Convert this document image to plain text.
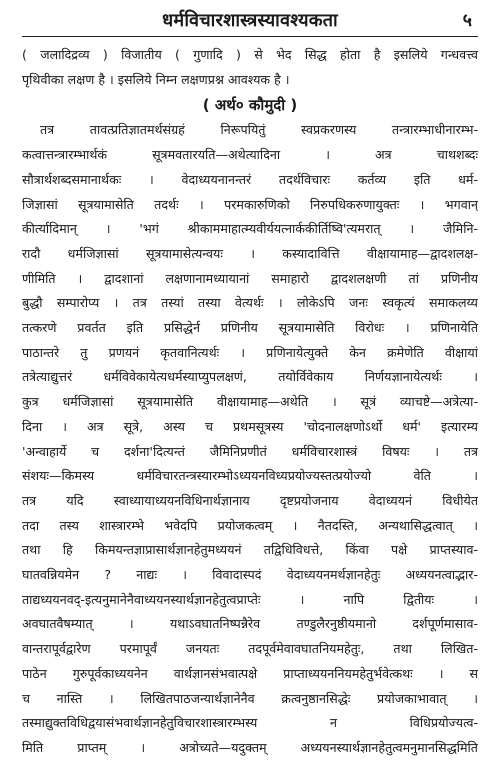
धर्मविचारशास्त्रस्यावश्यकता	५
( जलादिद्रव्य ) विजातीय ( गुणादि ) से भेद सिद्ध होता है इसलिये गन्धवत्त्व
पृथिवीका लक्षण है । इसलिये निम्न लक्षणप्रश्न आवश्यक है ।
( अर्थ० कौमुदी )
तत्र तावत्प्रतिज्ञातमर्थसंग्रहं निरूपयितुं स्वप्रकरणस्य तन्त्रारम्भाधीनारम्भ-
कत्वात्तन्त्रारम्भार्थकं सूत्रमवतारयति—अथेत्यादिना । अत्र चाथशब्दः
सौत्रार्थशब्दसमानार्थकः । वेदाध्ययनानन्तरं तदर्थविचारः कर्तव्य इति धर्म-
जिज्ञासां सूत्रयामासेति तदर्थः । परमकारुणिको निरुपधिकरुणायुक्तः । भगवान्
कीर्त्यादिमान् । 'भगं श्रीकाममाहात्म्यवीर्ययत्नार्ककीर्तिष्वि'त्यमरात् । जैमिनि-
रादौ धर्मजिज्ञासां सूत्रयामासेत्यन्वयः । कस्यादावित्ति वीक्षायामाह—द्वादशलक्ष-
णीमिति । द्वादशानां लक्षणानामध्यायानां समाहारो द्वादशलक्षणी तां प्रणिनीय
बुद्धौ सम्पारोप्य । तत्र तस्यां तस्या वेत्यर्थः । लोकेऽपि जनः स्वकृत्यं समाकलय्य
तत्करणे प्रवर्तत इति प्रसिद्धेर्न प्रणिनीय सूत्रयामासेति विरोधः । प्रणिनायेति
पाठान्तरे तु प्रणयनं कृतवानित्यर्थः । प्रणिनायेत्युक्ते केन क्रमेणेति वीक्षायां
तत्रेत्याद्युत्तरं धर्मविवेकायेत्यधर्मस्याप्युपलक्षणं, तयोर्विवेकाय निर्णयज्ञानायेत्यर्थः ।
कुत्र धर्मजिज्ञासां सूत्रयामासेति वीक्षायामाह—अथेति । सूत्रं व्याचष्टे—अत्रेत्या-
दिना । अत्र सूत्रे, अस्य च प्रथमसूत्रस्य 'चोदनालक्षणोऽर्थो धर्म' इत्यारम्य
'अन्वाहार्ये च दर्शना'दित्यन्तं जैमिनिप्रणीतं धर्मविचारशास्त्रं विषयः । तत्र
संशयः—किमस्य धर्मविचारतन्त्रस्यारम्भोऽध्ययनविध्यप्रयोज्यस्तत्प्रयोज्यो वेति ।
तत्र यदि स्वाध्यायाध्ययनविधिनार्थज्ञानाय दृष्टप्रयोजनाय वेदाध्ययनं विधीयेत
तदा तस्य शास्त्रारम्भे भवेदपि प्रयोजकत्वम् । नैतदस्ति, अन्यथासिद्धत्वात् ।
तथा हि किमयन्तज्ञाप्रासार्थज्ञानहेतुमध्ययनं तद्विधिविधत्ते, किंवा पक्षे प्राप्तस्याव-
घातवन्नियमेन ? नाद्यः । विवादास्पदं वेदाध्ययनमर्थज्ञानहेतुः अध्ययनत्वाद्भार-
ताद्यध्ययनवद्-इत्यनुमानेनैवाध्ययनस्यार्थज्ञानहेतुत्वप्राप्तेः । नापि द्वितीयः ।
अवघातवैषम्यात् । यथाऽवघातनिष्पन्नैरेव तण्डुलैरनुष्ठीयमानो दर्शपूर्णमासाव-
वान्तरापूर्वद्वारेण परमापूर्वं जनयतः तदपूर्वमेवावघातनियमहेतुः, तथा लिखित-
पाठेन गुरुपूर्वकाध्ययनेन वार्थज्ञानसंभवात्पक्षे प्राप्ताध्ययननियमहेतुर्भवेत्कथः । स
च नास्ति । लिखितपाठजन्यार्थज्ञानेनैव क्रत्वनुष्ठानसिद्धेः प्रयोजकाभावात् ।
तस्माद्युक्तविधिद्वयासंभवार्थज्ञानहेतुविचारशास्त्रारम्भस्य न विधिप्रयोज्यत्व-
मिति प्राप्तम् । अत्रोच्यते—यदुक्तम् अध्ययनस्यार्थज्ञानहेतुत्वमनुमानसिद्धमिति
